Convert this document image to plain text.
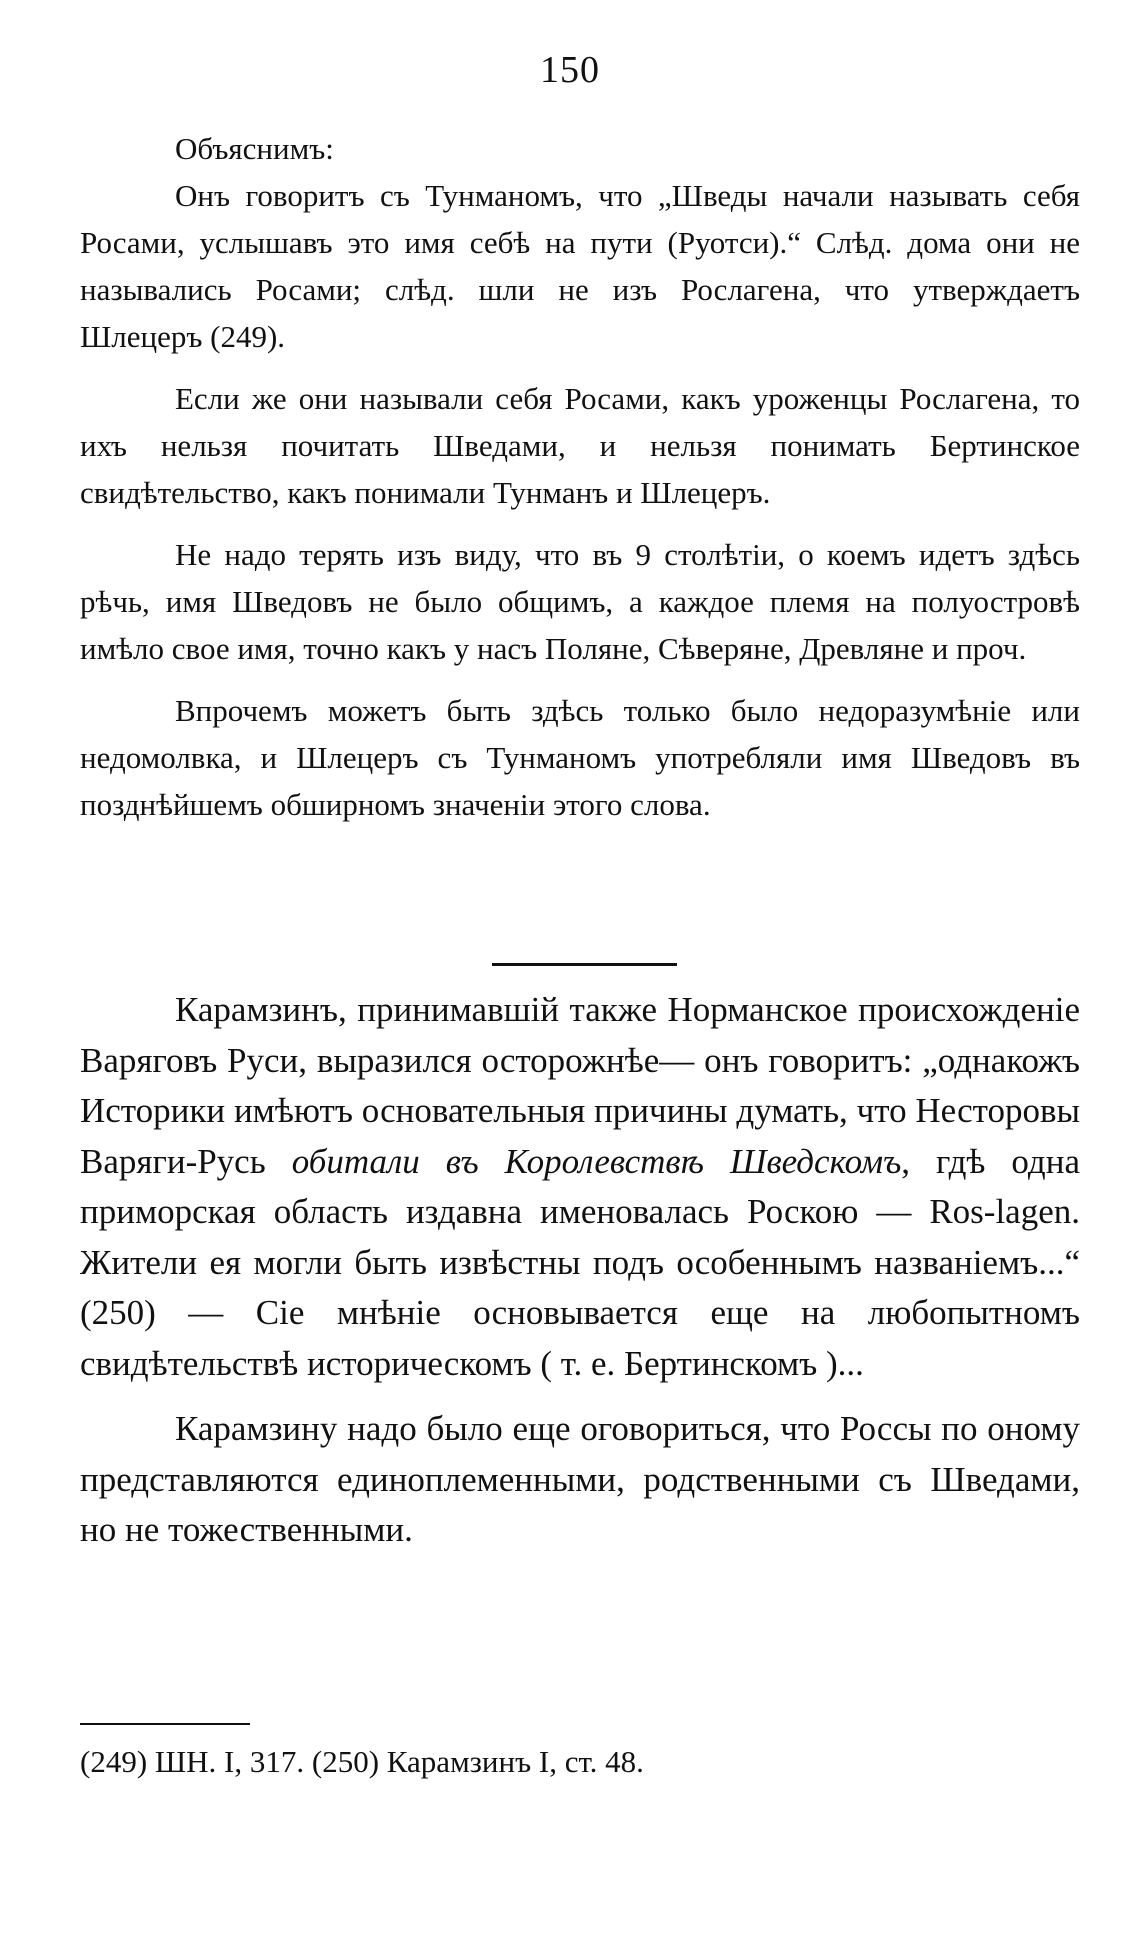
150

Объяснимъ:

Онъ говоритъ съ Тунманомъ, что „Шведы начали называть себя Росами, услышавъ это имя себѣ на пути (Руотси).“ Слѣд. дома они не назывались Росами; слѣд. шли не изъ Рослагена, что утверждаетъ Шлецеръ (249).

Если же они называли себя Росами, какъ уроженцы Рослагена, то ихъ нельзя почитать Шведами, и нельзя понимать Бертинское свидѣтельство, какъ понимали Тунманъ и Шлецеръ.

Не надо терять изъ виду, что въ 9 столѣтіи, о коемъ идетъ здѣсь рѣчь, имя Шведовъ не было общимъ, а каждое племя на полуостровѣ имѣло свое имя, точно какъ у насъ Поляне, Сѣверяне, Древляне и проч.

Впрочемъ можетъ быть здѣсь только было недоразумѣніе или недомолвка, и Шлецеръ съ Тунманомъ употребляли имя Шведовъ въ позднѣйшемъ обширномъ значеніи этого слова.

Карамзинъ, принимавшій также Норманское происхожденіе Варяговъ Руси, выразился осторожнѣе— онъ говоритъ: „однакожъ Историки имѣютъ основательныя причины думать, что Несторовы Варяги-Русь обитали въ Королевствѣ Шведскомъ, гдѣ одна приморская область издавна именовалась Роскою — Ros-lagen. Жители ея могли быть извѣстны подъ особеннымъ названіемъ...“ (250) — Сіе мнѣніе основывается еще на любопытномъ свидѣтельствѣ историческомъ ( т. е. Бертинскомъ )...

Карамзину надо было еще оговориться, что Россы по оному представляются единоплеменными, родственными съ Шведами, но не тожественными.

(249) ШН. I, 317. (250) Карамзинъ I, ст. 48.
